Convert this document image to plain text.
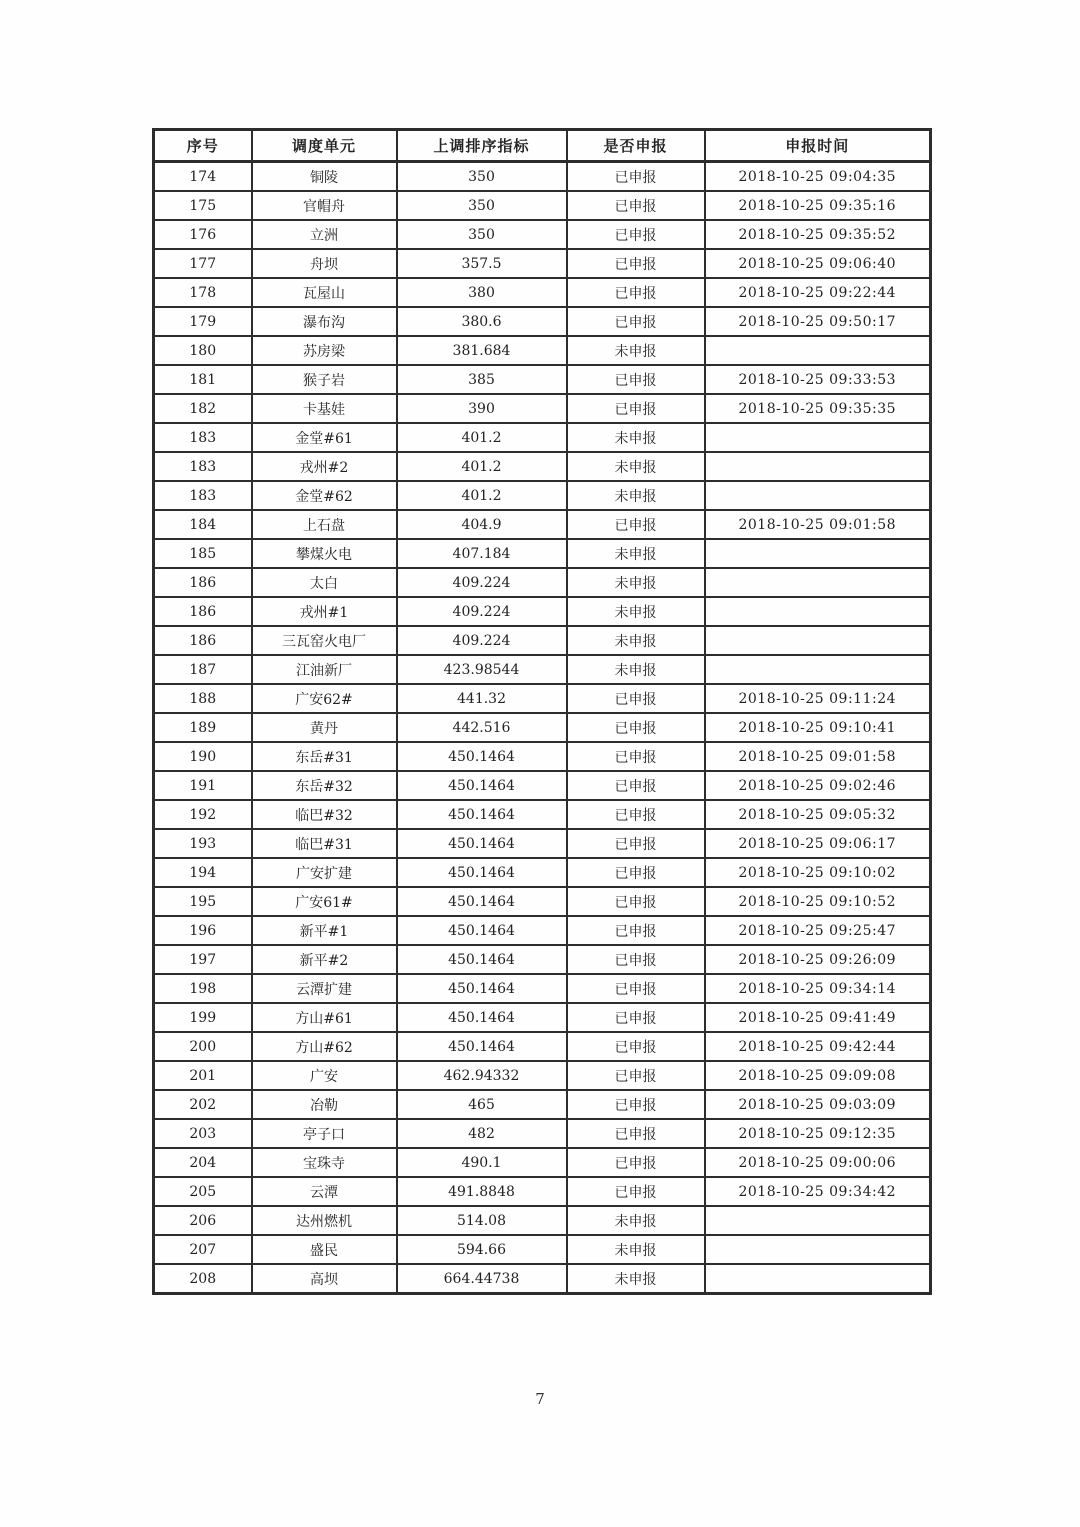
序号	调度单元	上调排序指标	是否申报	申报时间
174	铜陵	350	已申报	2018-10-25 09:04:35
175	官帽舟	350	已申报	2018-10-25 09:35:16
176	立洲	350	已申报	2018-10-25 09:35:52
177	舟坝	357.5	已申报	2018-10-25 09:06:40
178	瓦屋山	380	已申报	2018-10-25 09:22:44
179	瀑布沟	380.6	已申报	2018-10-25 09:50:17
180	苏房梁	381.684	未申报	
181	猴子岩	385	已申报	2018-10-25 09:33:53
182	卡基娃	390	已申报	2018-10-25 09:35:35
183	金堂#61	401.2	未申报	
183	戎州#2	401.2	未申报	
183	金堂#62	401.2	未申报	
184	上石盘	404.9	已申报	2018-10-25 09:01:58
185	攀煤火电	407.184	未申报	
186	太白	409.224	未申报	
186	戎州#1	409.224	未申报	
186	三瓦窑火电厂	409.224	未申报	
187	江油新厂	423.98544	未申报	
188	广安62#	441.32	已申报	2018-10-25 09:11:24
189	黄丹	442.516	已申报	2018-10-25 09:10:41
190	东岳#31	450.1464	已申报	2018-10-25 09:01:58
191	东岳#32	450.1464	已申报	2018-10-25 09:02:46
192	临巴#32	450.1464	已申报	2018-10-25 09:05:32
193	临巴#31	450.1464	已申报	2018-10-25 09:06:17
194	广安扩建	450.1464	已申报	2018-10-25 09:10:02
195	广安61#	450.1464	已申报	2018-10-25 09:10:52
196	新平#1	450.1464	已申报	2018-10-25 09:25:47
197	新平#2	450.1464	已申报	2018-10-25 09:26:09
198	云潭扩建	450.1464	已申报	2018-10-25 09:34:14
199	方山#61	450.1464	已申报	2018-10-25 09:41:49
200	方山#62	450.1464	已申报	2018-10-25 09:42:44
201	广安	462.94332	已申报	2018-10-25 09:09:08
202	冶勒	465	已申报	2018-10-25 09:03:09
203	亭子口	482	已申报	2018-10-25 09:12:35
204	宝珠寺	490.1	已申报	2018-10-25 09:00:06
205	云潭	491.8848	已申报	2018-10-25 09:34:42
206	达州燃机	514.08	未申报	
207	盛民	594.66	未申报	
208	高坝	664.44738	未申报	
7
